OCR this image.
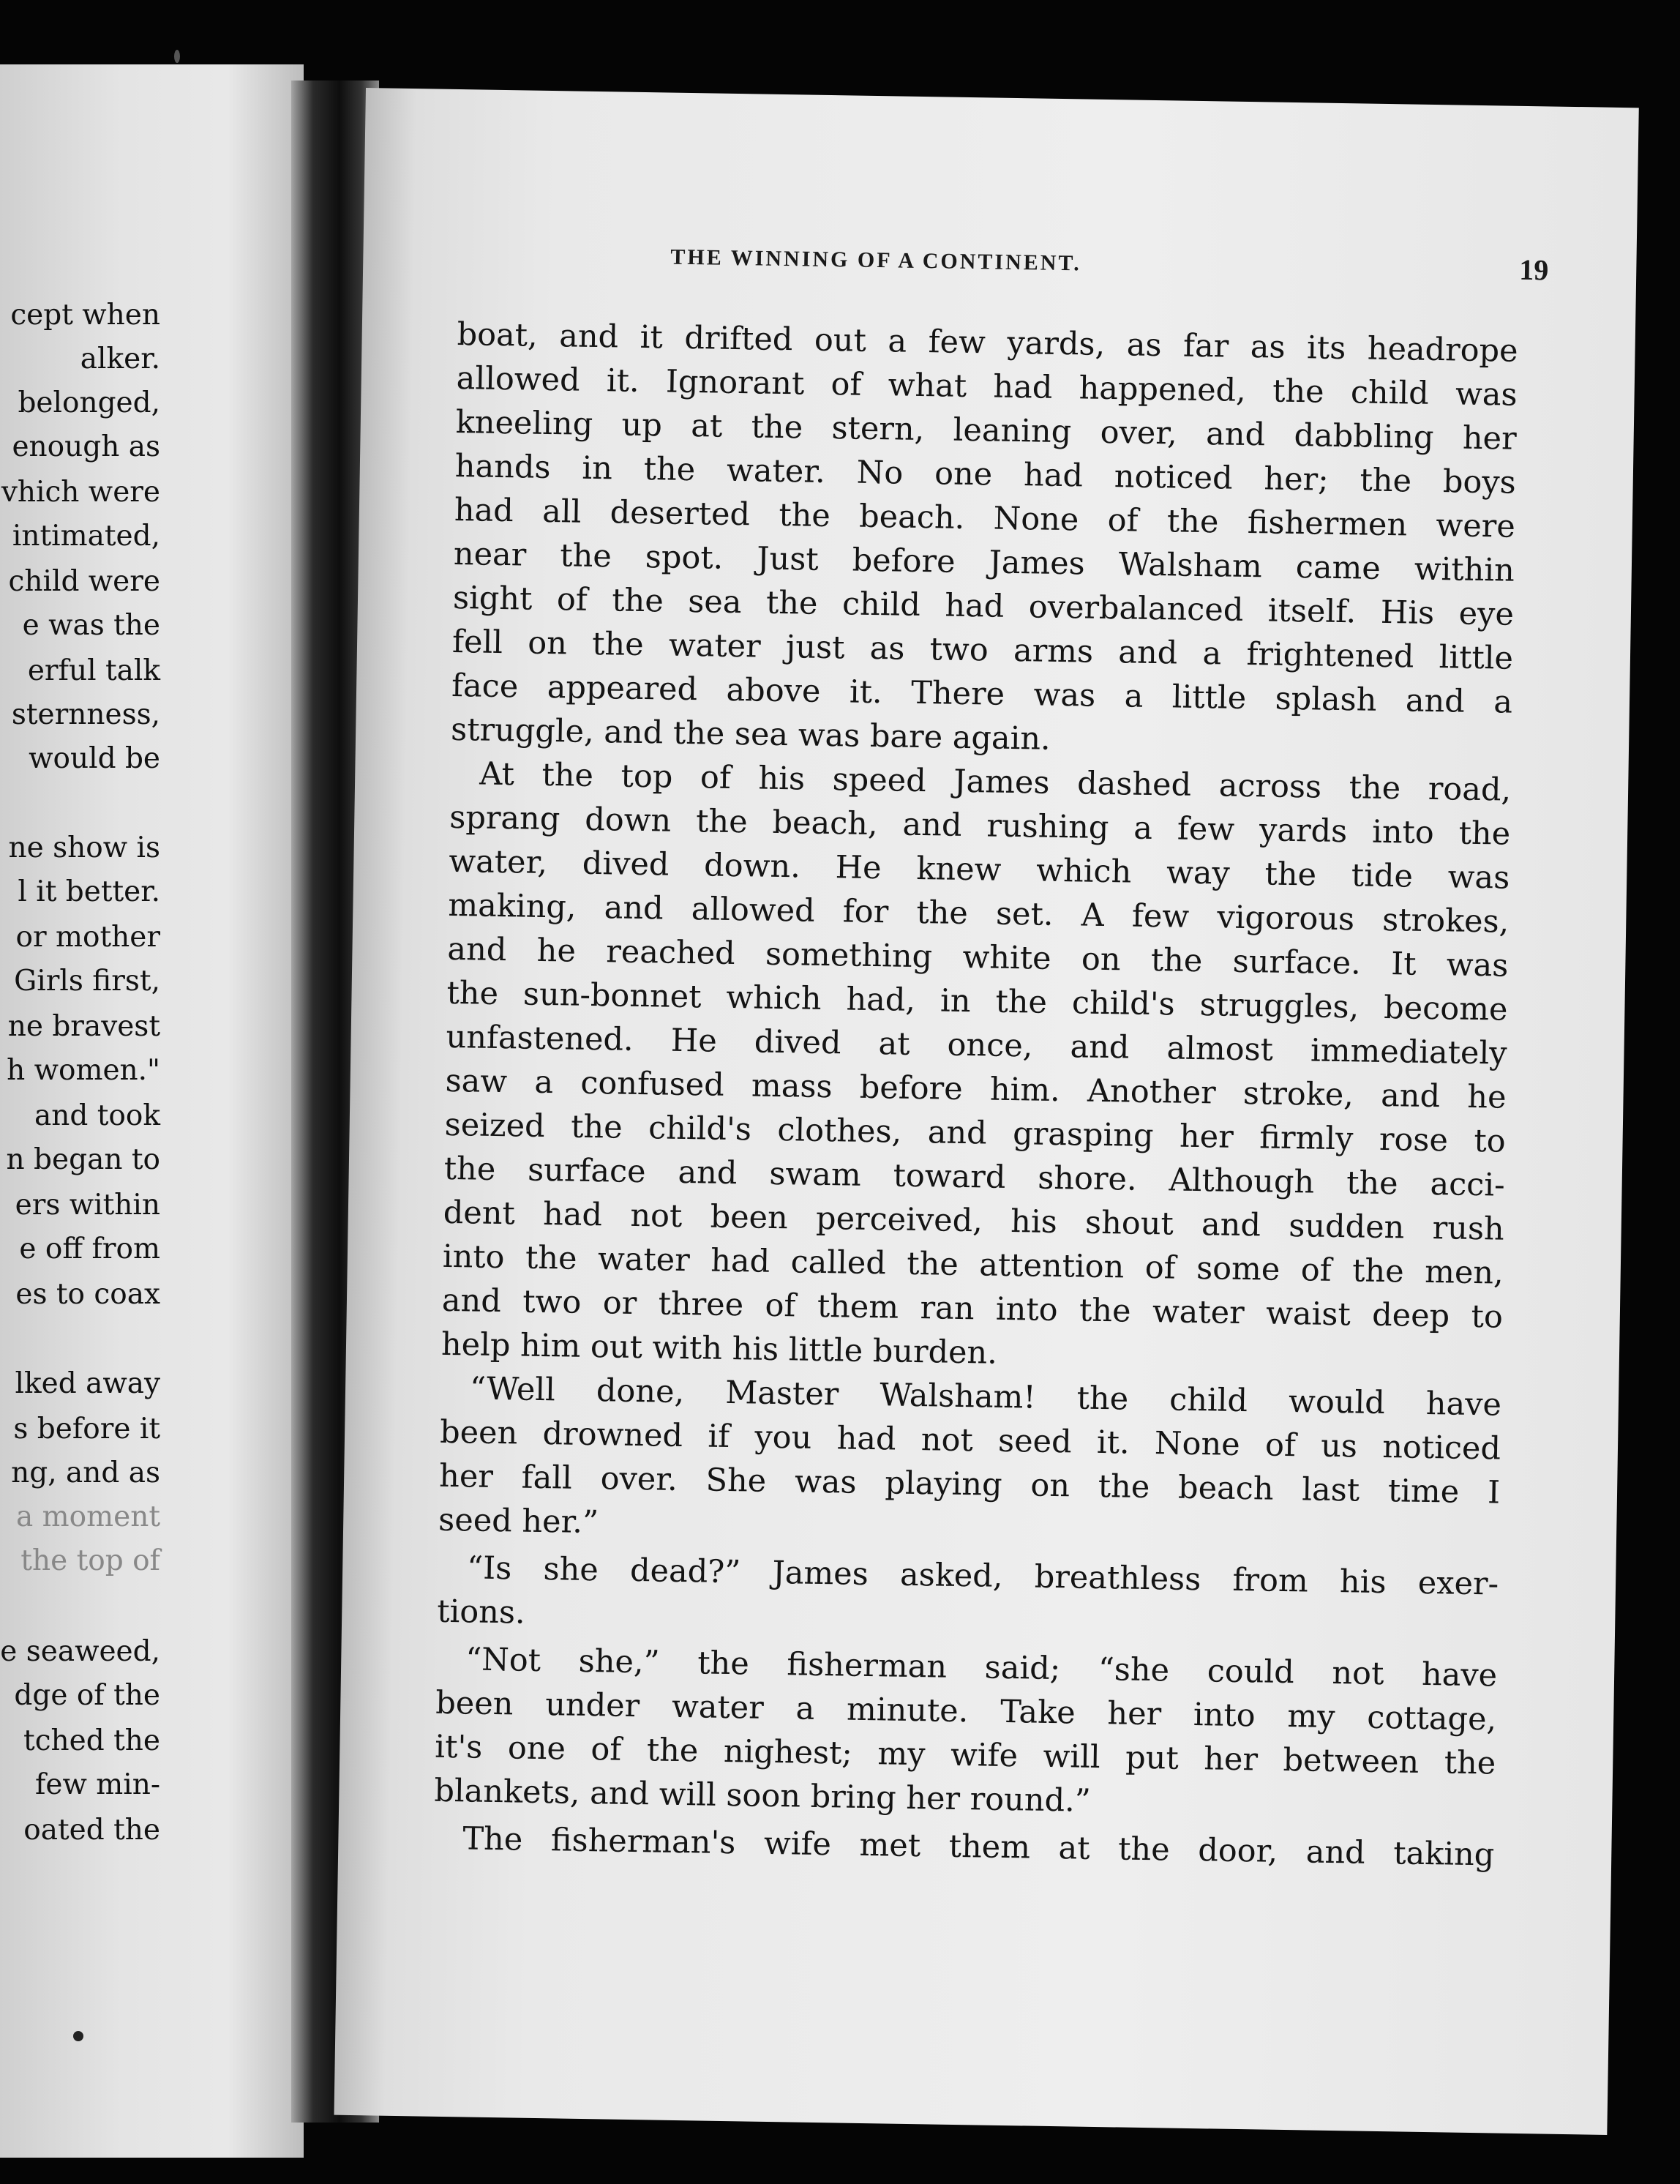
cept when
alker.
belonged,
enough as
vhich were
intimated,
child were
e was the
erful talk
sternness,
would be
ne show is
l it better.
or mother
Girls first,
ne bravest
h women."
and took
n began to
ers within
e off from
es to coax
lked away
s before it
ng, and as
a moment
the top of
e seaweed,
dge of the
tched the
few min-
oated the
THE WINNING OF A CONTINENT.	19
boat, and it drifted out a few yards, as far as its headrope
allowed it. Ignorant of what had happened, the child was
kneeling up at the stern, leaning over, and dabbling her
hands in the water. No one had noticed her; the boys
had all deserted the beach. None of the fishermen were
near the spot. Just before James Walsham came within
sight of the sea the child had overbalanced itself. His eye
fell on the water just as two arms and a frightened little
face appeared above it. There was a little splash and a
struggle, and the sea was bare again.
At the top of his speed James dashed across the road,
sprang down the beach, and rushing a few yards into the
water, dived down. He knew which way the tide was
making, and allowed for the set. A few vigorous strokes,
and he reached something white on the surface. It was
the sun-bonnet which had, in the child's struggles, become
unfastened. He dived at once, and almost immediately
saw a confused mass before him. Another stroke, and he
seized the child's clothes, and grasping her firmly rose to
the surface and swam toward shore. Although the acci-
dent had not been perceived, his shout and sudden rush
into the water had called the attention of some of the men,
and two or three of them ran into the water waist deep to
help him out with his little burden.
“Well done, Master Walsham! the child would have
been drowned if you had not seed it. None of us noticed
her fall over. She was playing on the beach last time I
seed her.”
“Is she dead?” James asked, breathless from his exer-
tions.
“Not she,” the fisherman said; “she could not have
been under water a minute. Take her into my cottage,
it's one of the nighest; my wife will put her between the
blankets, and will soon bring her round.”
The fisherman's wife met them at the door, and taking
